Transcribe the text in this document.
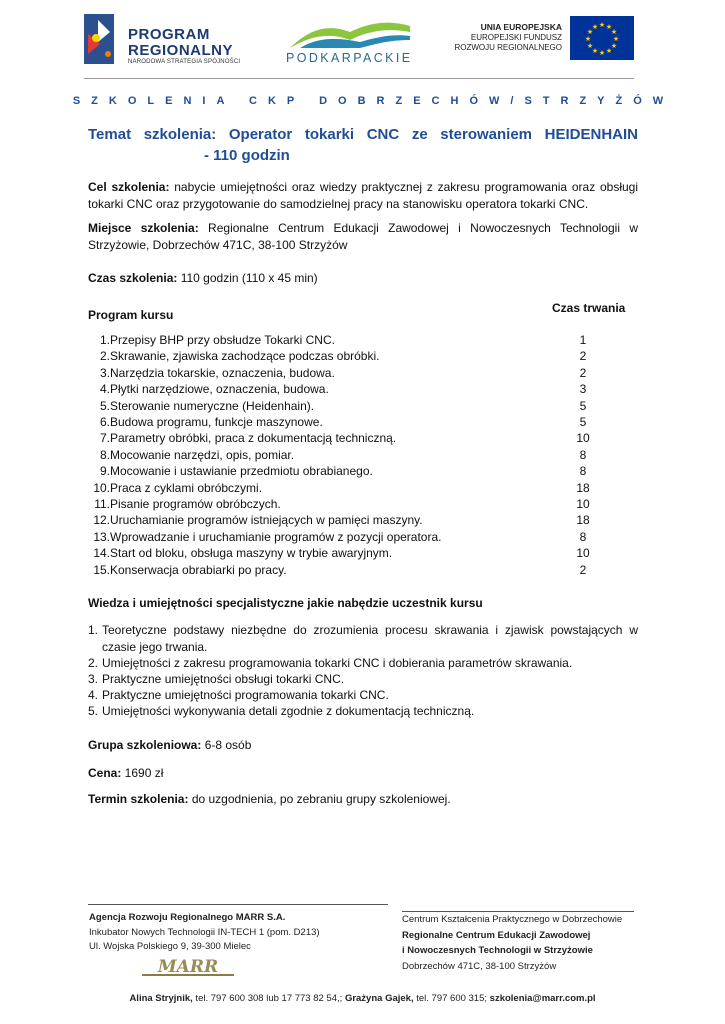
PROGRAM
REGIONALNY
NARODOWA STRATEGIA SPÓJNOŚCI	PODKARPACKIE
UNIA EUROPEJSKA
EUROPEJSKI FUNDUSZ
ROZWOJU REGIONALNEGO
★ ★
★
★
★
★
★
★
★
★
★
★
SZKOLENIA CKP DOBRZECHÓW/STRZYŻÓW
Temat szkolenia: Operator tokarki CNC ze sterowaniem HEIDENHAIN
- 110 godzin
Cel szkolenia: nabycie umiejętności oraz wiedzy praktycznej z zakresu programowania oraz obsługi tokarki CNC oraz przygotowanie do samodzielnej pracy na stanowisku operatora tokarki CNC.
Miejsce szkolenia: Regionalne Centrum Edukacji Zawodowej i Nowoczesnych Technologii w Strzyżowie, Dobrzechów 471C, 38-100 Strzyżów
Czas szkolenia: 110 godzin (110 x 45 min)
Program kursu	Czas trwania
1. Przepisy BHP przy obsłudze Tokarki CNC.	1
2. Skrawanie, zjawiska zachodzące podczas obróbki.	2
3. Narzędzia tokarskie, oznaczenia, budowa.	2
4. Płytki narzędziowe, oznaczenia, budowa.	3
5. Sterowanie numeryczne (Heidenhain).	5
6. Budowa programu, funkcje maszynowe.	5
7. Parametry obróbki, praca z dokumentacją techniczną.	10
8. Mocowanie narzędzi, opis, pomiar.	8
9. Mocowanie i ustawianie przedmiotu obrabianego.	8
10. Praca z cyklami obróbczymi.	18
11. Pisanie programów obróbczych.	10
12. Uruchamianie programów istniejących w pamięci maszyny.	18
13. Wprowadzanie i uruchamianie programów z pozycji operatora.	8
14. Start od bloku, obsługa maszyny w trybie awaryjnym.	10
15. Konserwacja obrabiarki po pracy.	2
Wiedza i umiejętności specjalistyczne jakie nabędzie uczestnik kursu
1. Teoretyczne podstawy niezbędne do zrozumienia procesu skrawania i zjawisk powstających w czasie jego trwania.
2. Umiejętności z zakresu programowania tokarki CNC i dobierania parametrów skrawania.
3. Praktyczne umiejętności obsługi tokarki CNC.
4. Praktyczne umiejętności programowania tokarki CNC.
5. Umiejętności wykonywania detali zgodnie z dokumentacją techniczną.
Grupa szkoleniowa: 6-8 osób
Cena: 1690 zł
Termin szkolenia: do uzgodnienia, po zebraniu grupy szkoleniowej.
Agencja Rozwoju Regionalnego MARR S.A.
Inkubator Nowych Technologii IN-TECH 1 (pom. D213)
Ul. Wojska Polskiego 9, 39-300 Mielec
MARR
Centrum Kształcenia Praktycznego w Dobrzechowie
Regionalne Centrum Edukacji Zawodowej
i Nowoczesnych Technologii w Strzyżowie
Dobrzechów 471C, 38-100 Strzyżów
Alina Stryjnik, tel. 797 600 308 lub 17 773 82 54,; Grażyna Gajek, tel. 797 600 315; szkolenia@marr.com.pl
